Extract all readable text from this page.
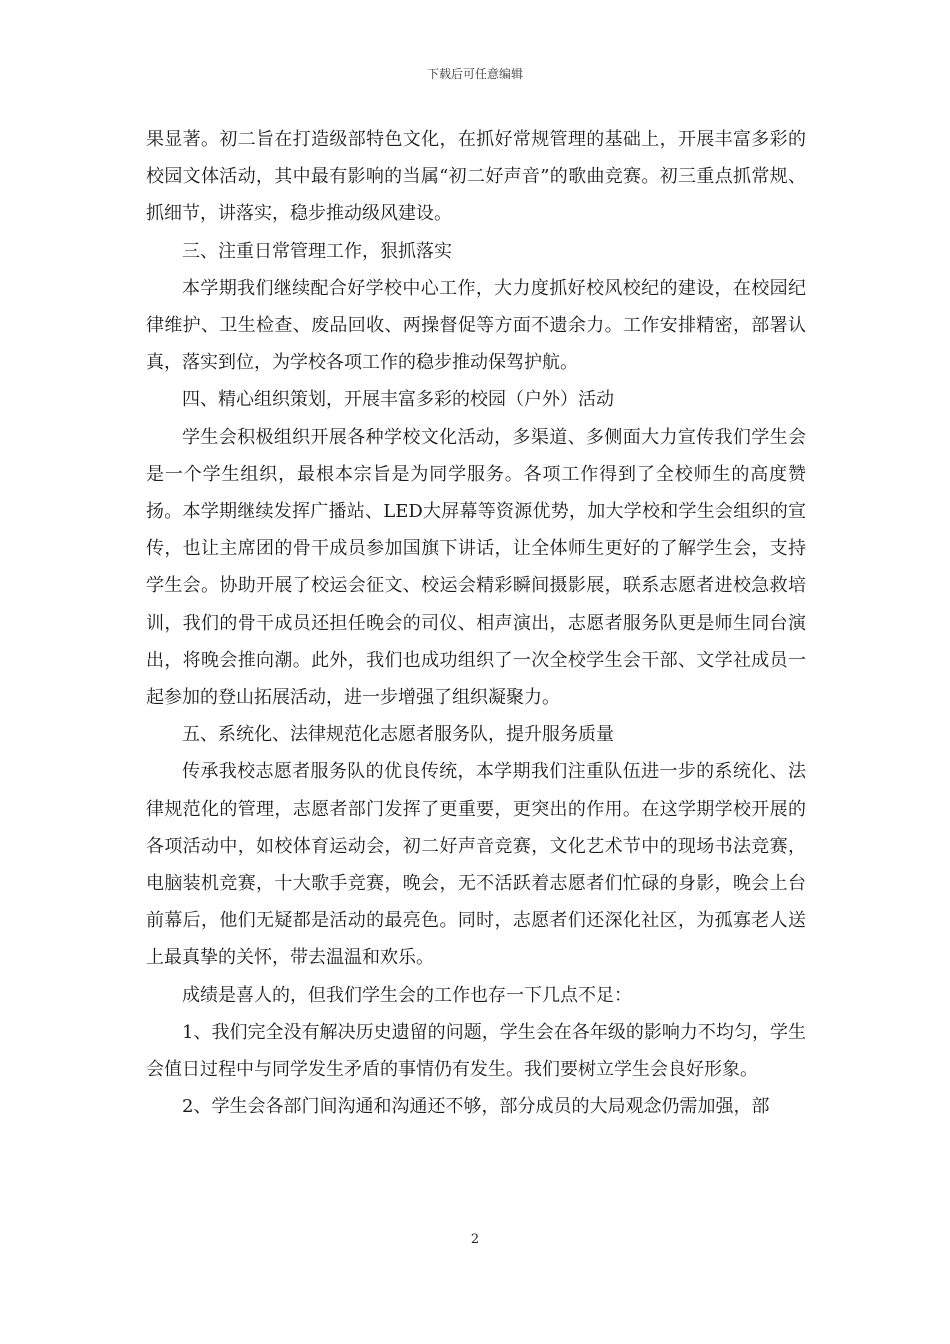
下载后可任意编辑

果显著。初二旨在打造级部特色文化，在抓好常规管理的基础上，开展丰富多彩的校园文体活动，其中最有影响的当属“初二好声音”的歌曲竞赛。初三重点抓常规、抓细节，讲落实，稳步推动级风建设。

三、注重日常管理工作，狠抓落实

本学期我们继续配合好学校中心工作，大力度抓好校风校纪的建设，在校园纪律维护、卫生检查、废品回收、两操督促等方面不遗余力。工作安排精密，部署认真，落实到位，为学校各项工作的稳步推动保驾护航。

四、精心组织策划，开展丰富多彩的校园（户外）活动

学生会积极组织开展各种学校文化活动，多渠道、多侧面大力宣传我们学生会是一个学生组织，最根本宗旨是为同学服务。各项工作得到了全校师生的高度赞扬。本学期继续发挥广播站、LED大屏幕等资源优势，加大学校和学生会组织的宣传，也让主席团的骨干成员参加国旗下讲话，让全体师生更好的了解学生会，支持学生会。协助开展了校运会征文、校运会精彩瞬间摄影展，联系志愿者进校急救培训，我们的骨干成员还担任晚会的司仪、相声演出，志愿者服务队更是师生同台演出，将晚会推向潮。此外，我们也成功组织了一次全校学生会干部、文学社成员一起参加的登山拓展活动，进一步增强了组织凝聚力。

五、系统化、法律规范化志愿者服务队，提升服务质量

传承我校志愿者服务队的优良传统，本学期我们注重队伍进一步的系统化、法律规范化的管理，志愿者部门发挥了更重要，更突出的作用。在这学期学校开展的各项活动中，如校体育运动会，初二好声音竞赛，文化艺术节中的现场书法竞赛，电脑装机竞赛，十大歌手竞赛，晚会，无不活跃着志愿者们忙碌的身影，晚会上台前幕后，他们无疑都是活动的最亮色。同时，志愿者们还深化社区，为孤寡老人送上最真挚的关怀，带去温温和欢乐。

成绩是喜人的，但我们学生会的工作也存一下几点不足：

1、我们完全没有解决历史遗留的问题，学生会在各年级的影响力不均匀，学生会值日过程中与同学发生矛盾的事情仍有发生。我们要树立学生会良好形象。

2、学生会各部门间沟通和沟通还不够，部分成员的大局观念仍需加强，部

2
